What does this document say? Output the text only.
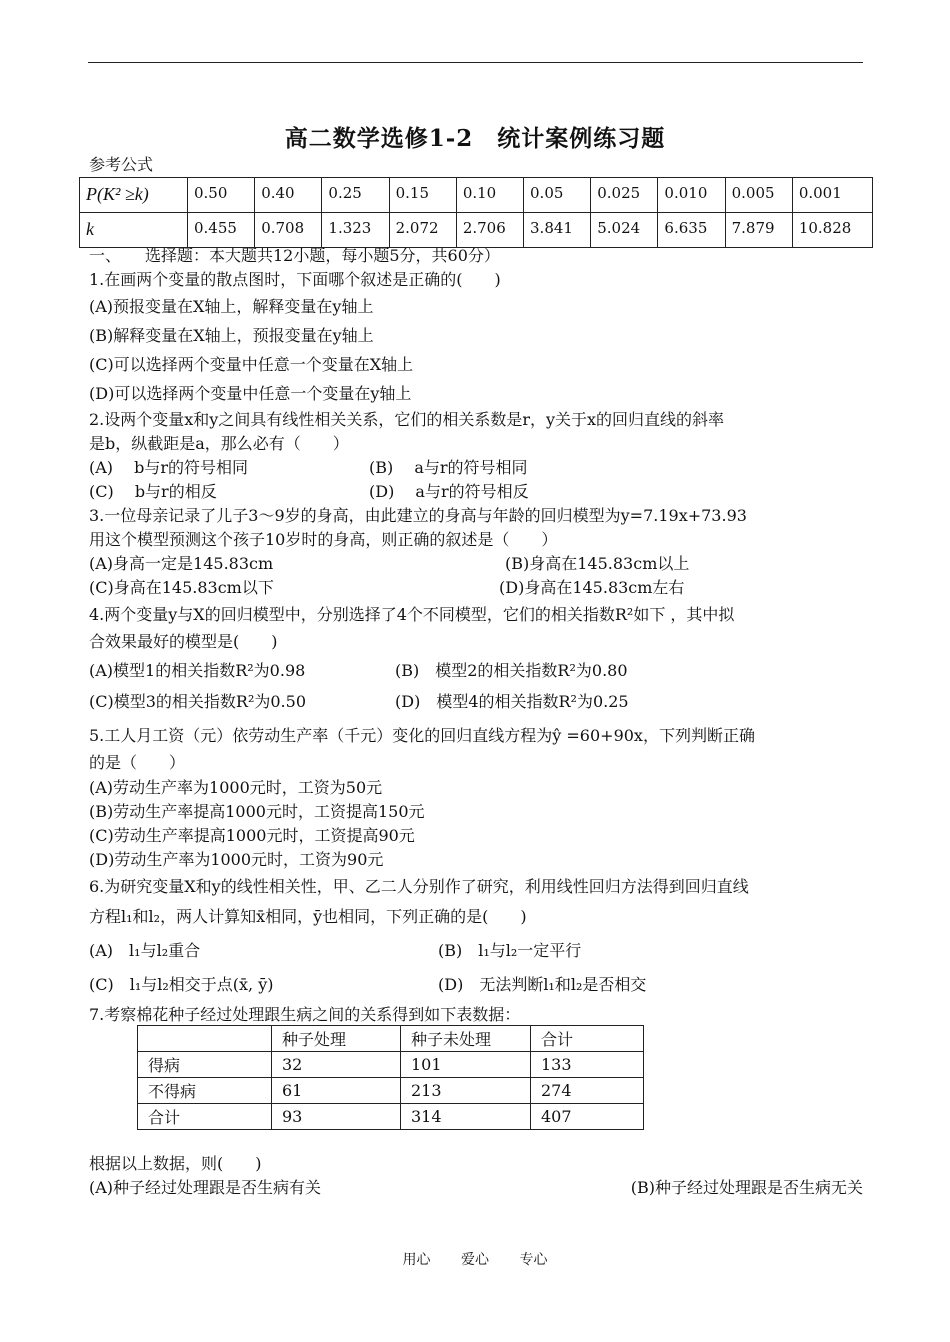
高二数学选修1-2　统计案例练习题
参考公式
P(K² ≥k)	0.50	0.40	0.25	0.15	0.10	0.05	0.025	0.010	0.005	0.001
k	0.455	0.708	1.323	2.072	2.706	3.841	5.024	6.635	7.879	10.828
一、　　选择题：本大题共12小题，每小题5分，共60分）
1.在画两个变量的散点图时，下面哪个叙述是正确的(　　)
(A)预报变量在X轴上，解释变量在y轴上
(B)解释变量在X轴上，预报变量在y轴上
(C)可以选择两个变量中任意一个变量在X轴上
(D)可以选择两个变量中任意一个变量在y轴上
2.设两个变量x和y之间具有线性相关关系，它们的相关系数是r，y关于x的回归直线的斜率
是b，纵截距是a，那么必有（　　）
(A)　 b与r的符号相同	(B)　 a与r的符号相同
(C)　 b与r的相反	(D)　 a与r的符号相反
3.一位母亲记录了儿子3～9岁的身高，由此建立的身高与年龄的回归模型为y=7.19x+73.93
用这个模型预测这个孩子10岁时的身高，则正确的叙述是（　　）
(A)身高一定是145.83cm	(B)身高在145.83cm以上
(C)身高在145.83cm以下	(D)身高在145.83cm左右
4.两个变量y与X的回归模型中，分别选择了4个不同模型，它们的相关指数R²如下 ，其中拟
合效果最好的模型是(　　)
(A)模型1的相关指数R²为0.98	(B)　模型2的相关指数R²为0.80
(C)模型3的相关指数R²为0.50	(D)　模型4的相关指数R²为0.25
5.工人月工资（元）依劳动生产率（千元）变化的回归直线方程为ŷ =60+90x，下列判断正确
的是（　　）
(A)劳动生产率为1000元时，工资为50元
(B)劳动生产率提高1000元时，工资提高150元
(C)劳动生产率提高1000元时，工资提高90元
(D)劳动生产率为1000元时，工资为90元
6.为研究变量X和y的线性相关性，甲、乙二人分别作了研究，利用线性回归方法得到回归直线
方程l₁和l₂，两人计算知x̄相同，ȳ也相同，下列正确的是(　　)
(A)　l₁与l₂重合	(B)　l₁与l₂一定平行
(C)　l₁与l₂相交于点(x̄, ȳ)	(D)　无法判断l₁和l₂是否相交
7.考察棉花种子经过处理跟生病之间的关系得到如下表数据：
	种子处理	种子未处理	合计
得病	32	101	133
不得病	61	213	274
合计	93	314	407
根据以上数据，则(　　)
(A)种子经过处理跟是否生病有关	(B)种子经过处理跟是否生病无关
用心 爱心 专心
